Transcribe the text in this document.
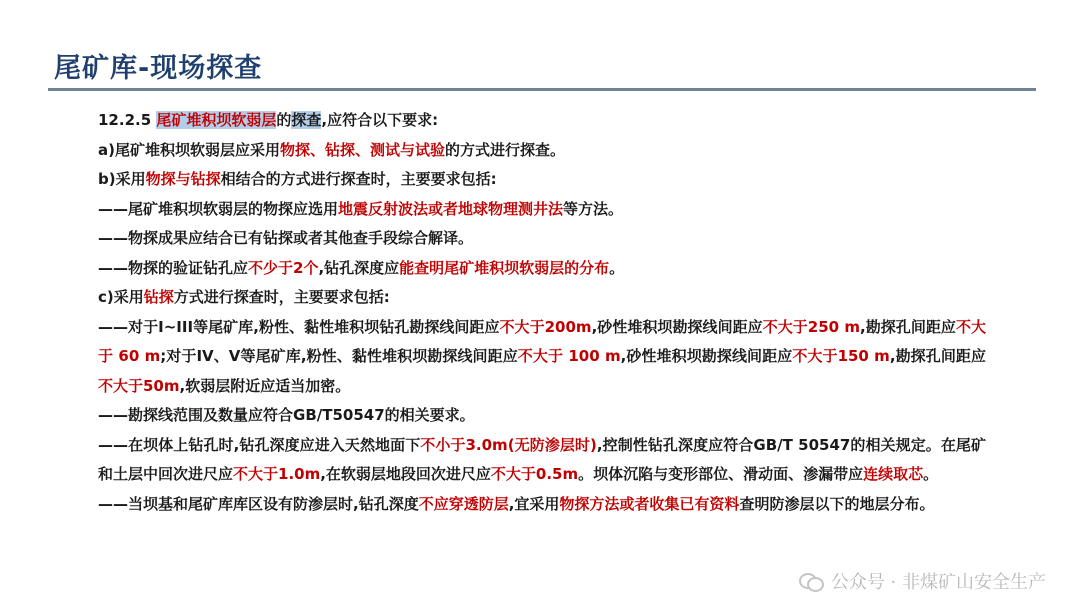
尾矿库-现场探查
12.2.5 尾矿堆积坝软弱层的探查,应符合以下要求:
a)尾矿堆积坝软弱层应采用物探、钻探、测试与试验的方式进行探查。
b)采用物探与钻探相结合的方式进行探查时，主要要求包括:
——尾矿堆积坝软弱层的物探应选用地震反射波法或者地球物理测井法等方法。
——物探成果应结合已有钻探或者其他查手段综合解译。
——物探的验证钻孔应不少于2个,钻孔深度应能查明尾矿堆积坝软弱层的分布。
c)采用钻探方式进行探查时，主要要求包括:
——对于Ⅰ~III等尾矿库,粉性、黏性堆积坝钻孔勘探线间距应不大于200m,砂性堆积坝勘探线间距应不大于250 m,勘探孔间距应不大于 60 m;对于IV、V等尾矿库,粉性、黏性堆积坝勘探线间距应不大于 100 m,砂性堆积坝勘探线间距应不大于150 m,勘探孔间距应不大于50m,软弱层附近应适当加密。
——勘探线范围及数量应符合GB/T50547的相关要求。
——在坝体上钻孔时,钻孔深度应进入天然地面下不小于3.0m(无防渗层时),控制性钻孔深度应符合GB/T 50547的相关规定。在尾矿和土层中回次进尺应不大于1.0m,在软弱层地段回次进尺应不大于0.5m。坝体沉陷与变形部位、滑动面、渗漏带应连续取芯。
——当坝基和尾矿库库区设有防渗层时,钻孔深度不应穿透防层,宜采用物探方法或者收集已有资料查明防渗层以下的地层分布。
公众号 · 非煤矿山安全生产
